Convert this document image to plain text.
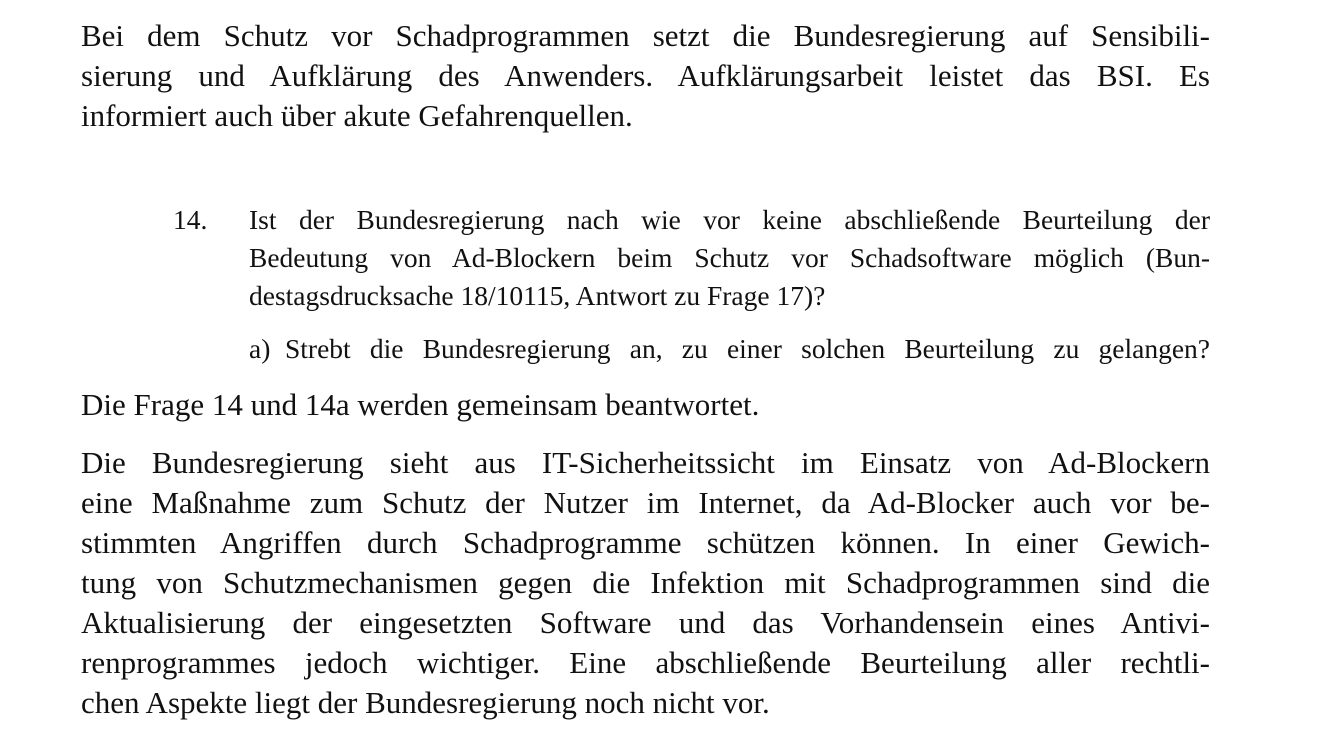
Bei dem Schutz vor Schadprogrammen setzt die Bundesregierung auf Sensibili-
sierung und Aufklärung des Anwenders. Aufklärungsarbeit leistet das BSI. Es
informiert auch über akute Gefahrenquellen.
14. Ist der Bundesregierung nach wie vor keine abschließende Beurteilung der
Bedeutung von Ad-Blockern beim Schutz vor Schadsoftware möglich (Bun-
destagsdrucksache 18/10115, Antwort zu Frage 17)?
a) Strebt die Bundesregierung an, zu einer solchen Beurteilung zu gelangen?
Die Frage 14 und 14a werden gemeinsam beantwortet.
Die Bundesregierung sieht aus IT-Sicherheitssicht im Einsatz von Ad-Blockern
eine Maßnahme zum Schutz der Nutzer im Internet, da Ad-Blocker auch vor be-
stimmten Angriffen durch Schadprogramme schützen können. In einer Gewich-
tung von Schutzmechanismen gegen die Infektion mit Schadprogrammen sind die
Aktualisierung der eingesetzten Software und das Vorhandensein eines Antivi-
renprogrammes jedoch wichtiger. Eine abschließende Beurteilung aller rechtli-
chen Aspekte liegt der Bundesregierung noch nicht vor.
